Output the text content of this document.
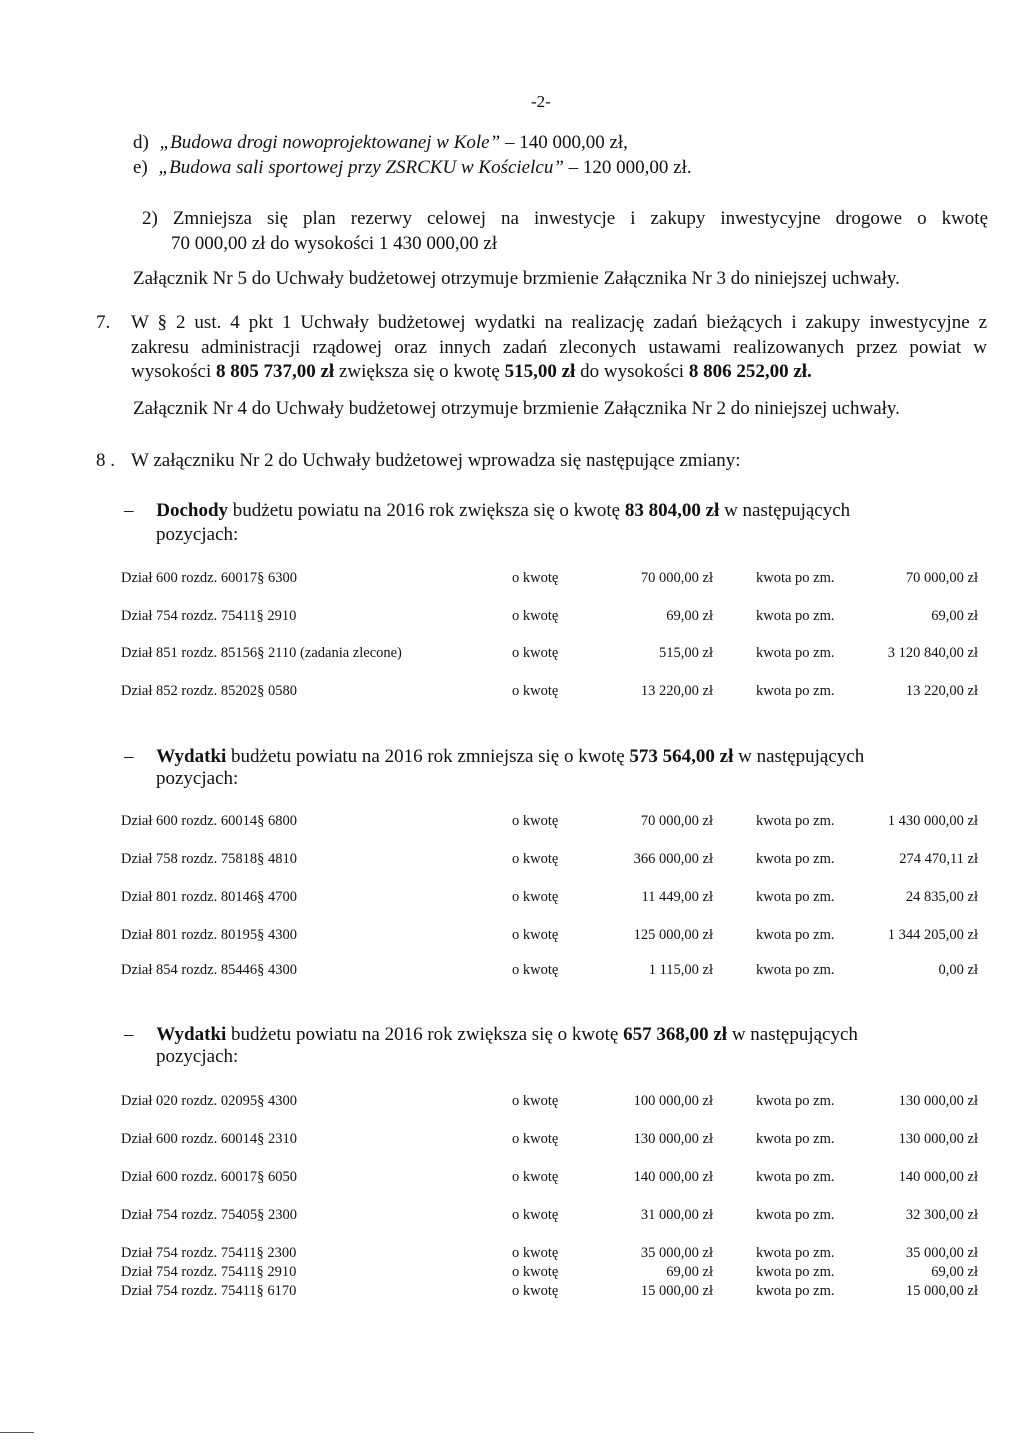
-2-
d) „Budowa drogi nowoprojektowanej w Kole” – 140 000,00 zł,
e) „Budowa sali sportowej przy ZSRCKU w Kościelcu” – 120 000,00 zł.
2) Zmniejsza się plan rezerwy celowej na inwestycje i zakupy inwestycyjne drogowe o kwotę
70 000,00 zł do wysokości 1 430 000,00 zł
Załącznik Nr 5 do Uchwały budżetowej otrzymuje brzmienie Załącznika Nr 3 do niniejszej uchwały.
7. W § 2 ust. 4 pkt 1 Uchwały budżetowej wydatki na realizację zadań bieżących i zakupy inwestycyjne z
zakresu administracji rządowej oraz innych zadań zleconych ustawami realizowanych przez powiat w
wysokości 8 805 737,00 zł zwiększa się o kwotę 515,00 zł do wysokości 8 806 252,00 zł.
Załącznik Nr 4 do Uchwały budżetowej otrzymuje brzmienie Załącznika Nr 2 do niniejszej uchwały.
8 . W załączniku Nr 2 do Uchwały budżetowej wprowadza się następujące zmiany:
– Dochody budżetu powiatu na 2016 rok zwiększa się o kwotę 83 804,00 zł w następujących
pozycjach:
Dział 600 rozdz. 60017§ 6300	o kwotę	70 000,00 zł	kwota po zm.	70 000,00 zł
Dział 754 rozdz. 75411§ 2910	o kwotę	69,00 zł	kwota po zm.	69,00 zł
Dział 851 rozdz. 85156§ 2110 (zadania zlecone)	o kwotę	515,00 zł	kwota po zm.	3 120 840,00 zł
Dział 852 rozdz. 85202§ 0580	o kwotę	13 220,00 zł	kwota po zm.	13 220,00 zł
– Wydatki budżetu powiatu na 2016 rok zmniejsza się o kwotę 573 564,00 zł w następujących
pozycjach:
Dział 600 rozdz. 60014§ 6800	o kwotę	70 000,00 zł	kwota po zm.	1 430 000,00 zł
Dział 758 rozdz. 75818§ 4810	o kwotę	366 000,00 zł	kwota po zm.	274 470,11 zł
Dział 801 rozdz. 80146§ 4700	o kwotę	11 449,00 zł	kwota po zm.	24 835,00 zł
Dział 801 rozdz. 80195§ 4300	o kwotę	125 000,00 zł	kwota po zm.	1 344 205,00 zł
Dział 854 rozdz. 85446§ 4300	o kwotę	1 115,00 zł	kwota po zm.	0,00 zł
– Wydatki budżetu powiatu na 2016 rok zwiększa się o kwotę 657 368,00 zł w następujących
pozycjach:
Dział 020 rozdz. 02095§ 4300	o kwotę	100 000,00 zł	kwota po zm.	130 000,00 zł
Dział 600 rozdz. 60014§ 2310	o kwotę	130 000,00 zł	kwota po zm.	130 000,00 zł
Dział 600 rozdz. 60017§ 6050	o kwotę	140 000,00 zł	kwota po zm.	140 000,00 zł
Dział 754 rozdz. 75405§ 2300	o kwotę	31 000,00 zł	kwota po zm.	32 300,00 zł
Dział 754 rozdz. 75411§ 2300	o kwotę	35 000,00 zł	kwota po zm.	35 000,00 zł
Dział 754 rozdz. 75411§ 2910	o kwotę	69,00 zł	kwota po zm.	69,00 zł
Dział 754 rozdz. 75411§ 6170	o kwotę	15 000,00 zł	kwota po zm.	15 000,00 zł
